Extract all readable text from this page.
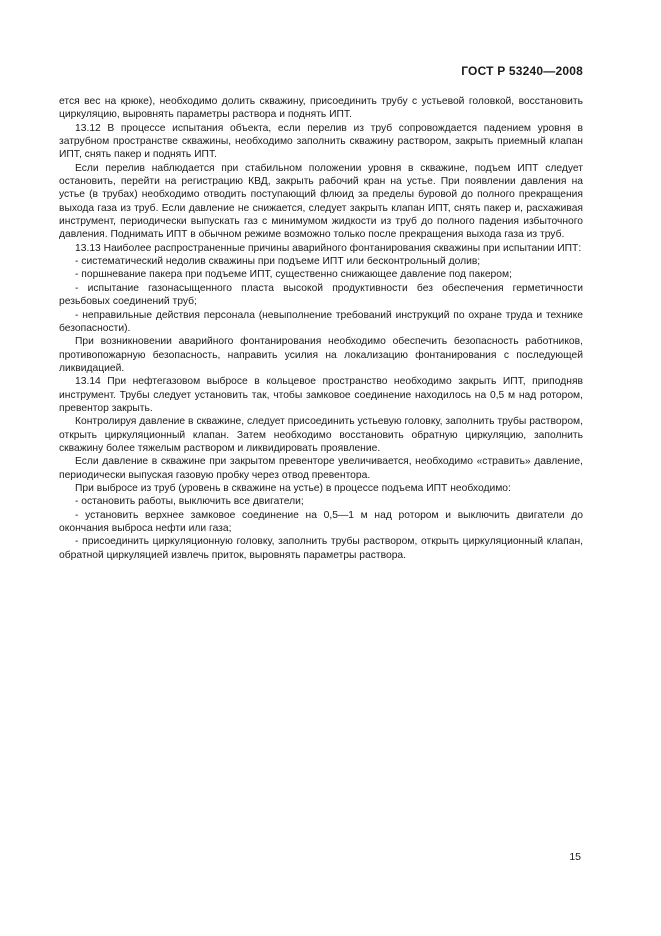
ГОСТ Р 53240—2008

ется вес на крюке), необходимо долить скважину, присоединить трубу с устьевой головкой, восстановить циркуляцию, выровнять параметры раствора и поднять ИПТ.

13.12 В процессе испытания объекта, если перелив из труб сопровождается падением уровня в затрубном пространстве скважины, необходимо заполнить скважину раствором, закрыть приемный клапан ИПТ, снять пакер и поднять ИПТ.

Если перелив наблюдается при стабильном положении уровня в скважине, подъем ИПТ следует остановить, перейти на регистрацию КВД, закрыть рабочий кран на устье. При появлении давления на устье (в трубах) необходимо отводить поступающий флюид за пределы буровой до полного прекращения выхода газа из труб. Если давление не снижается, следует закрыть клапан ИПТ, снять пакер и, расхаживая инструмент, периодически выпускать газ с минимумом жидкости из труб до полного падения избыточного давления. Поднимать ИПТ в обычном режиме возможно только после прекращения выхода газа из труб.

13.13 Наиболее распространенные причины аварийного фонтанирования скважины при испытании ИПТ:

- систематический недолив скважины при подъеме ИПТ или бесконтрольный долив;

- поршневание пакера при подъеме ИПТ, существенно снижающее давление под пакером;

- испытание газонасыщенного пласта высокой продуктивности без обеспечения герметичности резьбовых соединений труб;

- неправильные действия персонала (невыполнение требований инструкций по охране труда и технике безопасности).

При возникновении аварийного фонтанирования необходимо обеспечить безопасность работников, противопожарную безопасность, направить усилия на локализацию фонтанирования с последующей ликвидацией.

13.14 При нефтегазовом выбросе в кольцевое пространство необходимо закрыть ИПТ, приподняв инструмент. Трубы следует установить так, чтобы замковое соединение находилось на 0,5 м над ротором, превентор закрыть.

Контролируя давление в скважине, следует присоединить устьевую головку, заполнить трубы раствором, открыть циркуляционный клапан. Затем необходимо восстановить обратную циркуляцию, заполнить скважину более тяжелым раствором и ликвидировать проявление.

Если давление в скважине при закрытом превенторе увеличивается, необходимо «стравить» давление, периодически выпуская газовую пробку через отвод превентора.

При выбросе из труб (уровень в скважине на устье) в процессе подъема ИПТ необходимо:

- остановить работы, выключить все двигатели;

- установить верхнее замковое соединение на 0,5—1 м над ротором и выключить двигатели до окончания выброса нефти или газа;

- присоединить циркуляционную головку, заполнить трубы раствором, открыть циркуляционный клапан, обратной циркуляцией извлечь приток, выровнять параметры раствора.

15
